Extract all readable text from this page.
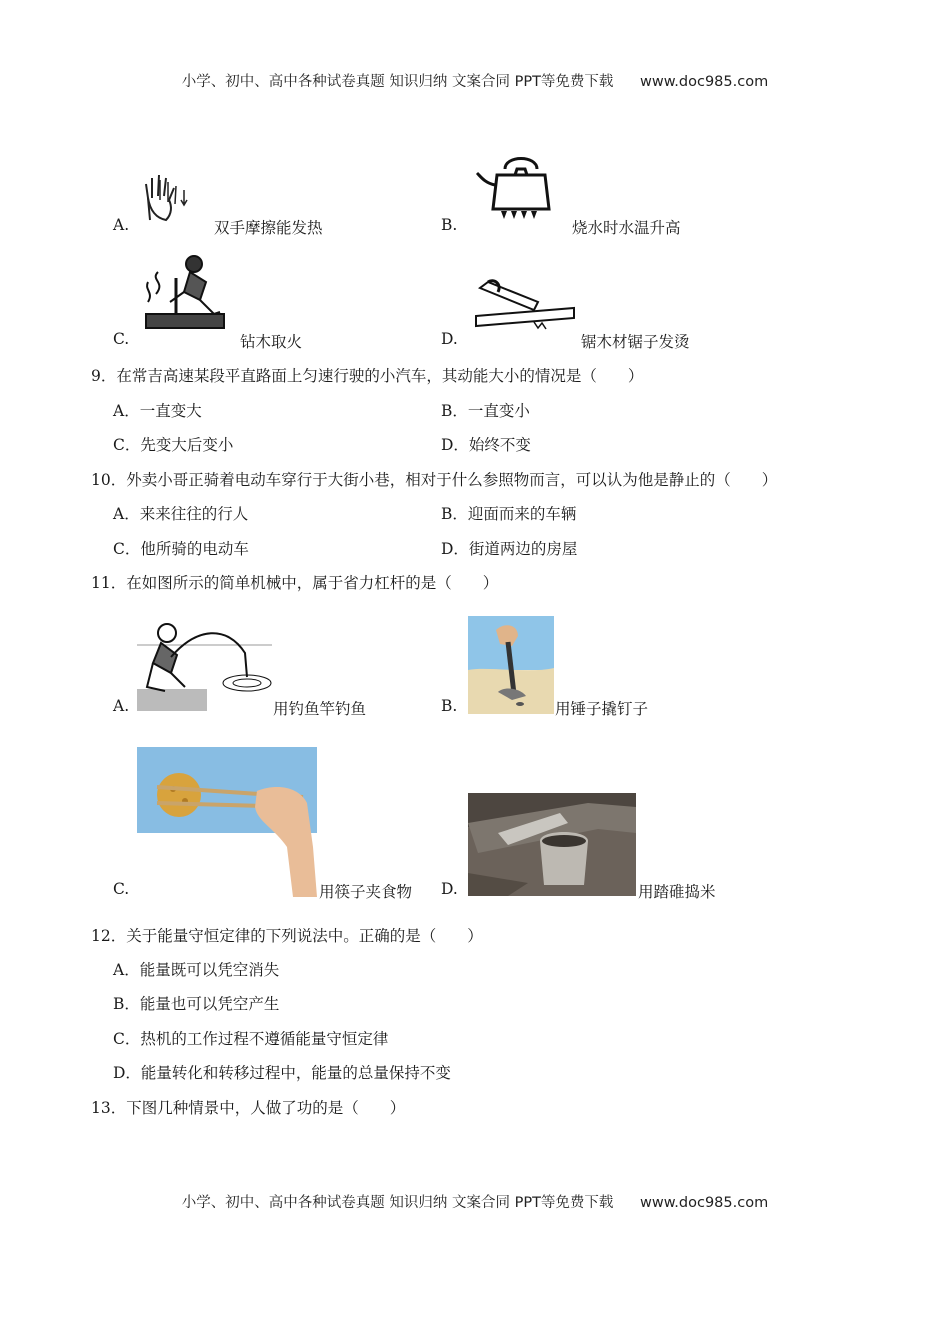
小学、初中、高中各种试卷真题 知识归纳 文案合同 PPT等免费下载 www.doc985.com
A.	双手摩擦能发热	B.	烧水时水温升高
C.	钻木取火	D.	锯木材锯子发烫
9．在常吉高速某段平直路面上匀速行驶的小汽车，其动能大小的情况是（　　）
A．一直变大	B．一直变小
C．先变大后变小	D．始终不变
10．外卖小哥正骑着电动车穿行于大街小巷，相对于什么参照物而言，可以认为他是静止的（　　）
A．来来往往的行人	B．迎面而来的车辆
C．他所骑的电动车	D．街道两边的房屋
11．在如图所示的简单机械中，属于省力杠杆的是（　　）
A.	用钓鱼竿钓鱼	B.	用锤子撬钉子
C.	用筷子夹食物 D.	用踏碓捣米
12．关于能量守恒定律的下列说法中。正确的是（　　）
A．能量既可以凭空消失
B．能量也可以凭空产生
C．热机的工作过程不遵循能量守恒定律
D．能量转化和转移过程中，能量的总量保持不变
13．下图几种情景中，人做了功的是（　　）
小学、初中、高中各种试卷真题 知识归纳 文案合同 PPT等免费下载 www.doc985.com
